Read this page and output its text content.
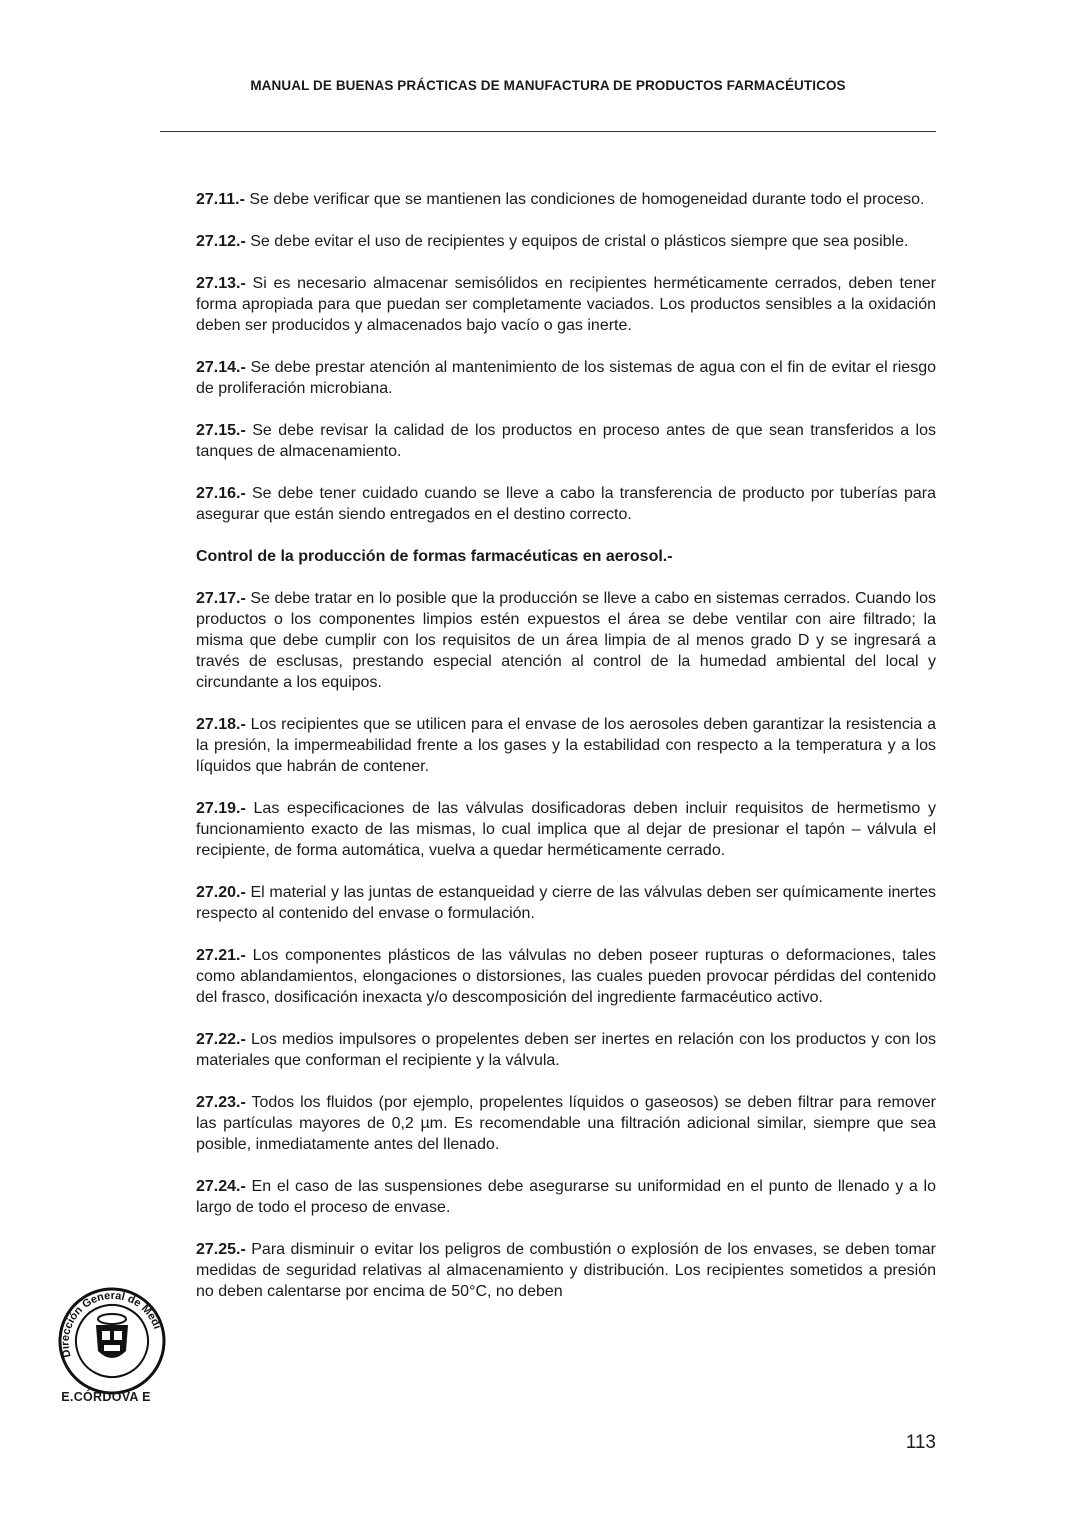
MANUAL DE BUENAS PRÁCTICAS DE MANUFACTURA DE PRODUCTOS FARMACÉUTICOS

27.11.- Se debe verificar que se mantienen las condiciones de homogeneidad durante todo el proceso.

27.12.- Se debe evitar el uso de recipientes y equipos de cristal o plásticos siempre que sea posible.

27.13.- Si es necesario almacenar semisólidos en recipientes herméticamente cerrados, deben tener forma apropiada para que puedan ser completamente vaciados. Los productos sensibles a la oxidación deben ser producidos y almacenados bajo vacío o gas inerte.

27.14.- Se debe prestar atención al mantenimiento de los sistemas de agua con el fin de evitar el riesgo de proliferación microbiana.

27.15.- Se debe revisar la calidad de los productos en proceso antes de que sean transferidos a los tanques de almacenamiento.

27.16.- Se debe tener cuidado cuando se lleve a cabo la transferencia de producto por tuberías para asegurar que están siendo entregados en el destino correcto.

Control de la producción de formas farmacéuticas en aerosol.-

27.17.- Se debe tratar en lo posible que la producción se lleve a cabo en sistemas cerrados. Cuando los productos o los componentes limpios estén expuestos el área se debe ventilar con aire filtrado; la misma que debe cumplir con los requisitos de un área limpia de al menos grado D y se ingresará a través de esclusas, prestando especial atención al control de la humedad ambiental del local y circundante a los equipos.

27.18.- Los recipientes que se utilicen para el envase de los aerosoles deben garantizar la resistencia a la presión, la impermeabilidad frente a los gases y la estabilidad con respecto a la temperatura y a los líquidos que habrán de contener.

27.19.- Las especificaciones de las válvulas dosificadoras deben incluir requisitos de hermetismo y funcionamiento exacto de las mismas, lo cual implica que al dejar de presionar el tapón – válvula el recipiente, de forma automática, vuelva a quedar herméticamente cerrado.

27.20.- El material y las juntas de estanqueidad y cierre de las válvulas deben ser químicamente inertes respecto al contenido del envase o formulación.

27.21.- Los componentes plásticos de las válvulas no deben poseer rupturas o deformaciones, tales como ablandamientos, elongaciones o distorsiones, las cuales pueden provocar pérdidas del contenido del frasco, dosificación inexacta y/o descomposición del ingrediente farmacéutico activo.

27.22.- Los medios impulsores o propelentes deben ser inertes en relación con los productos y con los materiales que conforman el recipiente y la válvula.

27.23.- Todos los fluidos (por ejemplo, propelentes líquidos o gaseosos) se deben filtrar para remover las partículas mayores de 0,2 µm. Es recomendable una filtración adicional similar, siempre que sea posible, inmediatamente antes del llenado.

27.24.- En el caso de las suspensiones debe asegurarse su uniformidad en el punto de llenado y a lo largo de todo el proceso de envase.

27.25.- Para disminuir o evitar los peligros de combustión o explosión de los envases, se deben tomar medidas de seguridad relativas al almacenamiento y distribución. Los recipientes sometidos a presión no deben calentarse por encima de 50°C, no deben

Dirección General de Medicamentos
E.CÓRDOVA E
113
